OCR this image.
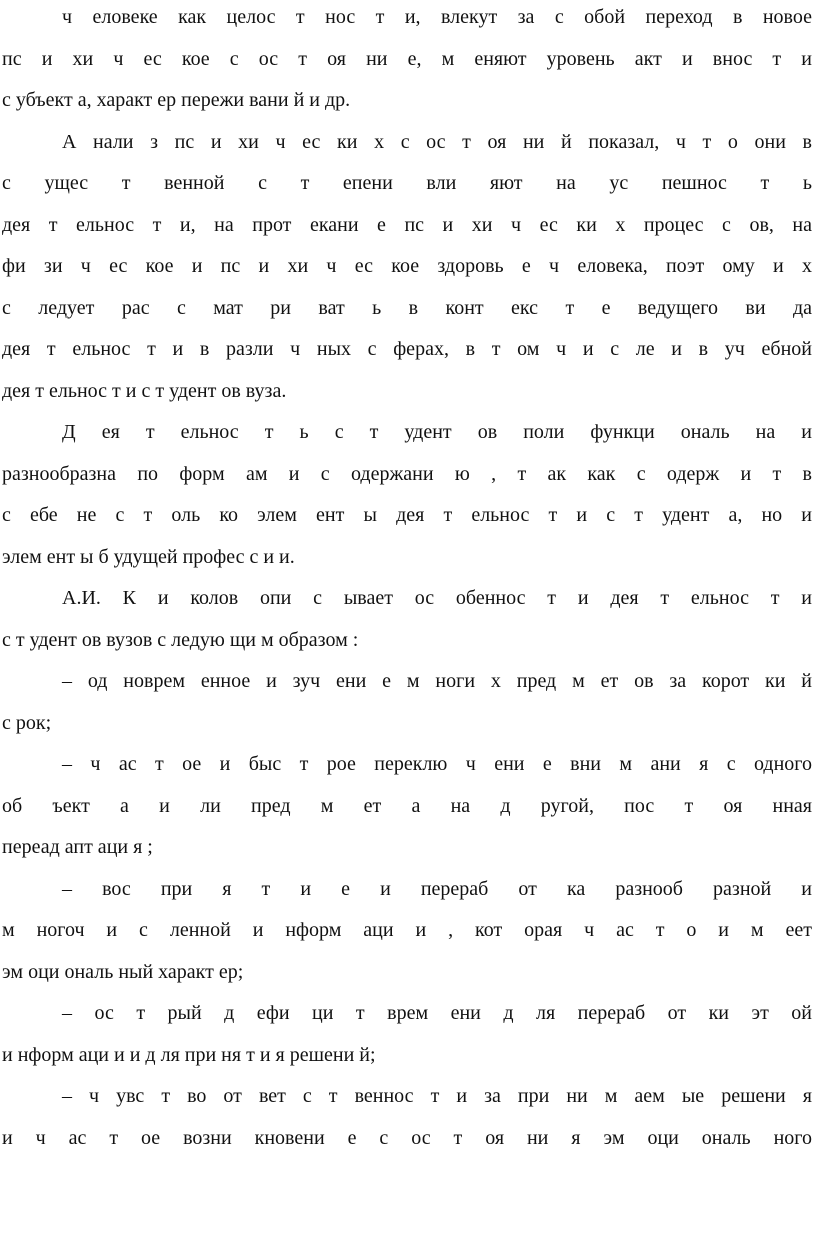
ч еловеке как целос т нос т и, влекут за с обой переход в новое
пс и хи ч ес кое с ос т оя ни е, м еняют уровень акт и внос т и
с убъект а, характ ер пережи вани й и др.
А нали з пс и хи ч ес ки х с ос т оя ни й показал, ч т о они в
с ущес т венной с т епени вли яют на ус пешнос т ь
дея т ельнос т и, на прот екани е пс и хи ч ес ки х процес с ов, на
фи зи ч ес кое и пс и хи ч ес кое здоровь е ч еловека, поэт ому и х
с ледует рас с мат ри ват ь в конт екс т е ведущего ви да
дея т ельнос т и в разли ч ных с ферах, в т ом ч и с ле и в уч ебной
дея т ельнос т и с т удент ов вуза.
Д ея т ельнос т ь с т удент ов поли функци ональ на и
разнообразна по форм ам и с одержани ю , т ак как с одерж и т в
с ебе не с т оль ко элем ент ы дея т ельнос т и с т удент а, но и
элем ент ы б удущей профес с и и.
А.И. К и колов опи с ывает ос обеннос т и дея т ельнос т и
с т удент ов вузов с ледую щи м образом :
– од новрем енное и зуч ени е м ноги х пред м ет ов за корот ки й
с рок;
– ч ас т ое и быс т рое переклю ч ени е вни м ани я с одного
об ъект а и ли пред м ет а на д ругой, пос т оя нная
переад апт аци я ;
– вос при я т и е и перераб от ка разнооб разной и
м ногоч и с ленной и нформ аци и , кот орая ч ас т о и м еет
эм оци ональ ный характ ер;
– ос т рый д ефи ци т врем ени д ля перераб от ки эт ой
и нформ аци и и д ля при ня т и я решени й;
– ч увс т во от вет с т веннос т и за при ни м аем ые решени я
и ч ас т ое возни кновени е с ос т оя ни я эм оци ональ ного
